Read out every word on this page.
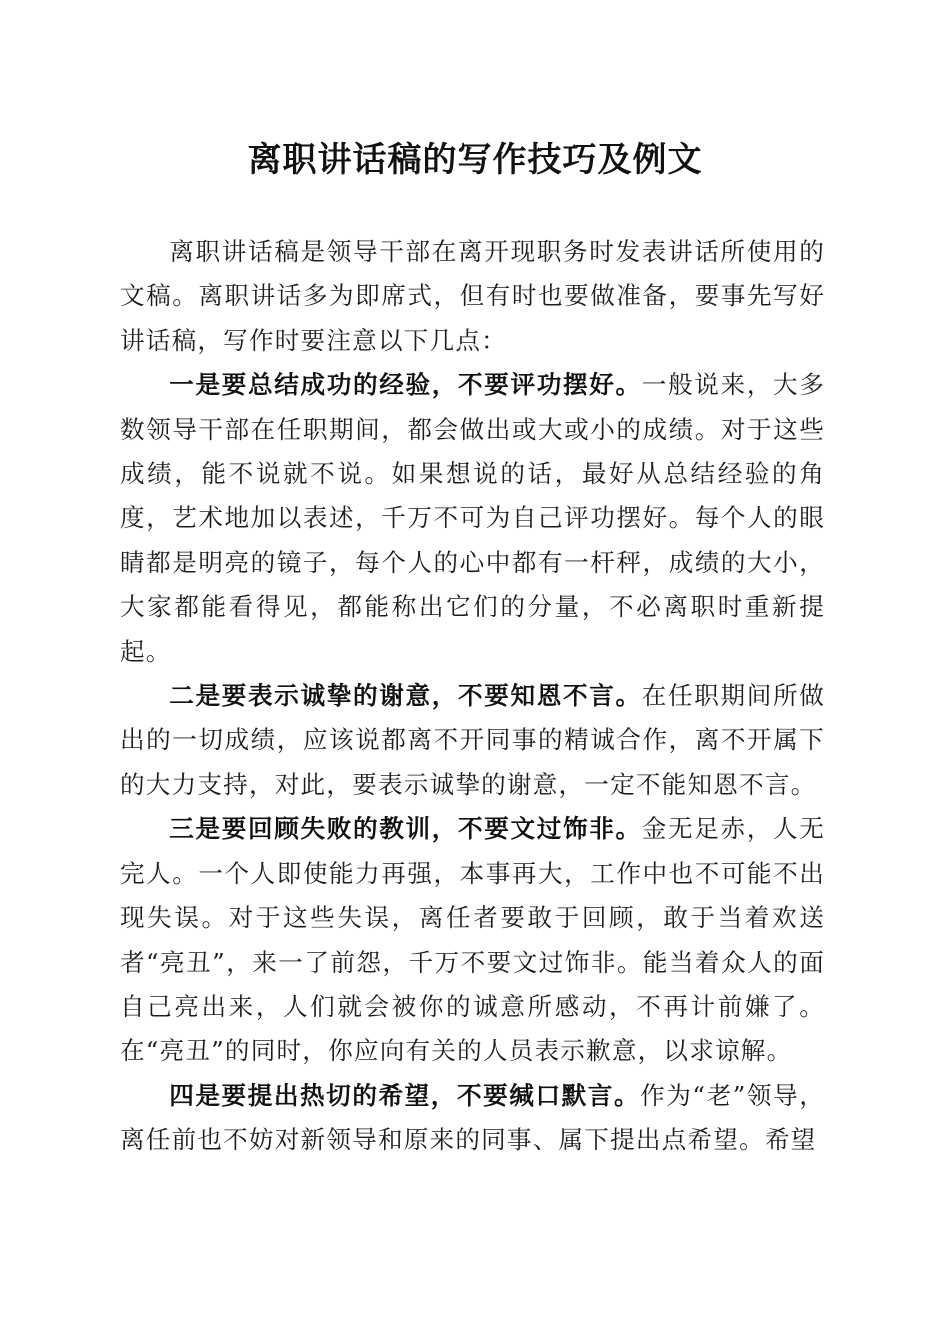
离职讲话稿的写作技巧及例文

离职讲话稿是领导干部在离开现职务时发表讲话所使用的文稿。离职讲话多为即席式，但有时也要做准备，要事先写好讲话稿，写作时要注意以下几点：

一是要总结成功的经验，不要评功摆好。一般说来，大多数领导干部在任职期间，都会做出或大或小的成绩。对于这些成绩，能不说就不说。如果想说的话，最好从总结经验的角度，艺术地加以表述，千万不可为自己评功摆好。每个人的眼睛都是明亮的镜子，每个人的心中都有一杆秤，成绩的大小，大家都能看得见，都能称出它们的分量，不必离职时重新提起。

二是要表示诚挚的谢意，不要知恩不言。在任职期间所做出的一切成绩，应该说都离不开同事的精诚合作，离不开属下的大力支持，对此，要表示诚挚的谢意，一定不能知恩不言。

三是要回顾失败的教训，不要文过饰非。金无足赤，人无完人。一个人即使能力再强，本事再大，工作中也不可能不出现失误。对于这些失误，离任者要敢于回顾，敢于当着欢送者“亮丑”，来一了前怨，千万不要文过饰非。能当着众人的面自己亮出来，人们就会被你的诚意所感动，不再计前嫌了。在“亮丑”的同时，你应向有关的人员表示歉意，以求谅解。

四是要提出热切的希望，不要缄口默言。作为“老”领导，离任前也不妨对新领导和原来的同事、属下提出点希望。希望
